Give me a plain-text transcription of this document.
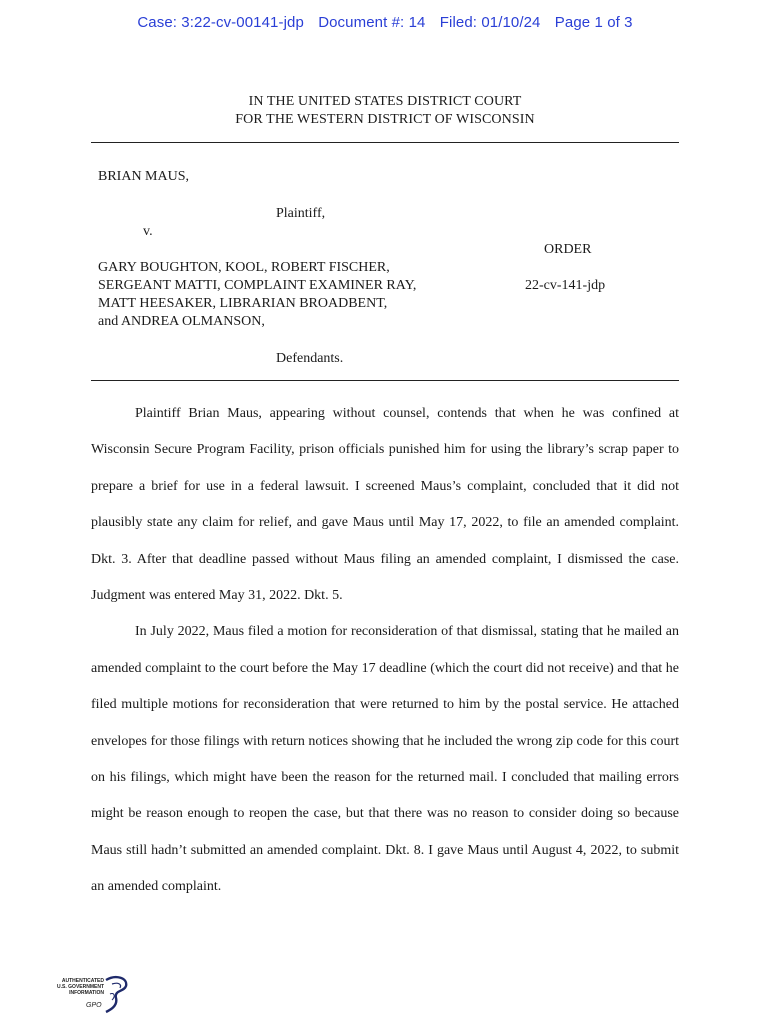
Case: 3:22-cv-00141-jdp Document #: 14 Filed: 01/10/24 Page 1 of 3
IN THE UNITED STATES DISTRICT COURT
FOR THE WESTERN DISTRICT OF WISCONSIN
BRIAN MAUS,
Plaintiff,
v.
ORDER
GARY BOUGHTON, KOOL, ROBERT FISCHER,
SERGEANT MATTI, COMPLAINT EXAMINER RAY,
MATT HEESAKER, LIBRARIAN BROADBENT,
and ANDREA OLMANSON,
22-cv-141-jdp
Defendants.

Plaintiff Brian Maus, appearing without counsel, contends that when he was confined at Wisconsin Secure Program Facility, prison officials punished him for using the library’s scrap paper to prepare a brief for use in a federal lawsuit. I screened Maus’s complaint, concluded that it did not plausibly state any claim for relief, and gave Maus until May 17, 2022, to file an amended complaint. Dkt. 3. After that deadline passed without Maus filing an amended complaint, I dismissed the case. Judgment was entered May 31, 2022. Dkt. 5.

In July 2022, Maus filed a motion for reconsideration of that dismissal, stating that he mailed an amended complaint to the court before the May 17 deadline (which the court did not receive) and that he filed multiple motions for reconsideration that were returned to him by the postal service. He attached envelopes for those filings with return notices showing that he included the wrong zip code for this court on his filings, which might have been the reason for the returned mail. I concluded that mailing errors might be reason enough to reopen the case, but that there was no reason to consider doing so because Maus still hadn’t submitted an amended complaint. Dkt. 8. I gave Maus until August 4, 2022, to submit an amended complaint.

AUTHENTICATED
U.S. GOVERNMENT
INFORMATION
GPO
